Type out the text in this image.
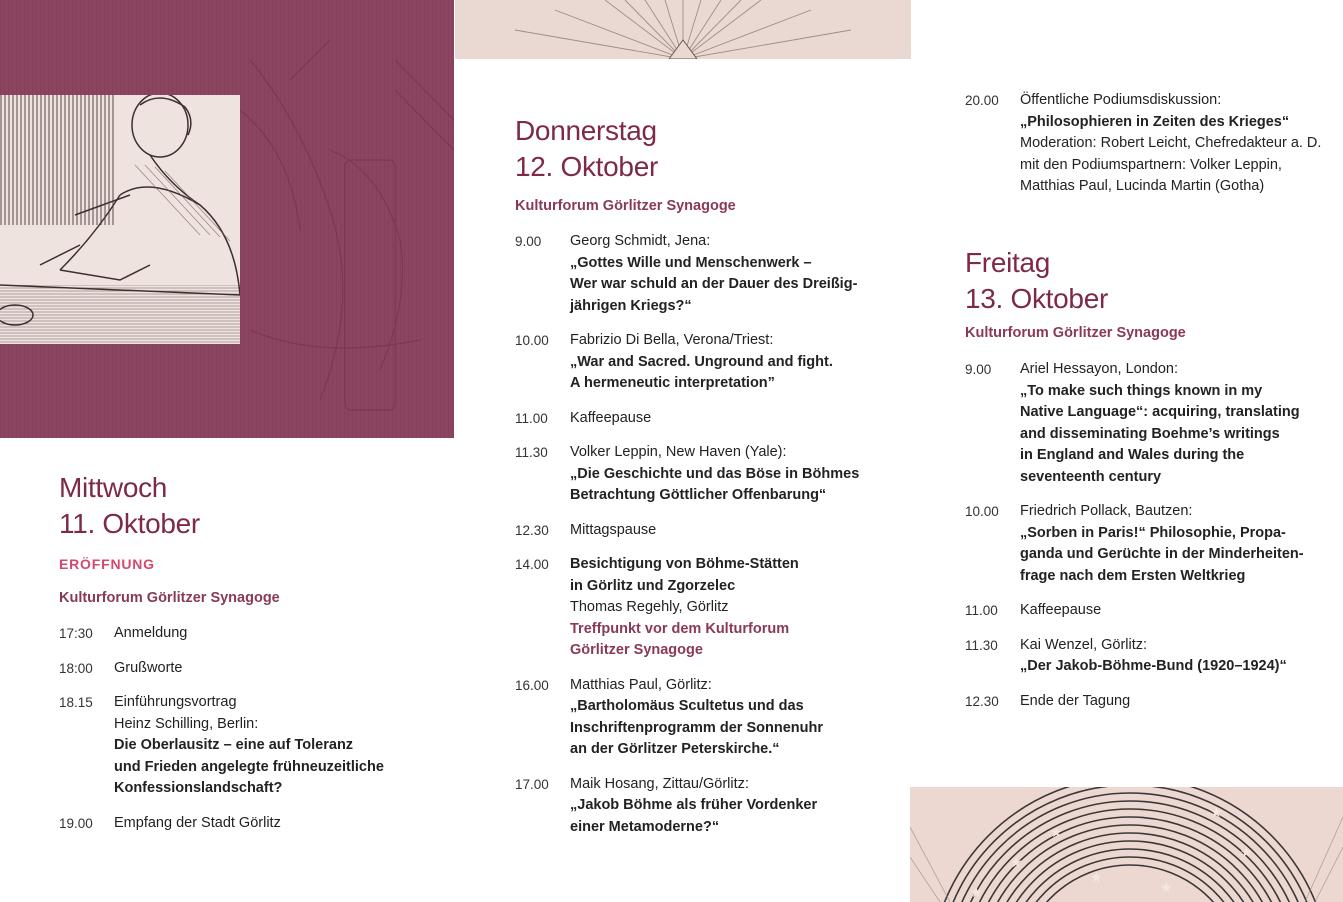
★
★
★
★
★
★
★
Mittwoch
11. Oktober
ERÖFFNUNG
Kulturforum Görlitzer Synagoge
17:30	Anmeldung
18:00	Grußworte
18.15	Einführungsvortrag
Heinz Schilling, Berlin:
Die Oberlausitz – eine auf Toleranz
und Frieden angelegte frühneuzeitliche
Konfessionslandschaft?
19.00	Empfang der Stadt Görlitz
Donnerstag
12. Oktober
Kulturforum Görlitzer Synagoge
9.00	Georg Schmidt, Jena:
„Gottes Wille und Menschenwerk –
Wer war schuld an der Dauer des Dreißig-
jährigen Kriegs?“
10.00	Fabrizio Di Bella, Verona/Triest:
„War and Sacred. Unground and fight.
A hermeneutic interpretation”
11.00	Kaffeepause
11.30	Volker Leppin, New Haven (Yale):
„Die Geschichte und das Böse in Böhmes
Betrachtung Göttlicher Offenbarung“
12.30	Mittagspause
14.00	Besichtigung von Böhme-Stätten
in Görlitz und Zgorzelec
Thomas Regehly, Görlitz
Treffpunkt vor dem Kulturforum
Görlitzer Synagoge
16.00	Matthias Paul, Görlitz:
„Bartholomäus Scultetus und das
Inschriftenprogramm der Sonnenuhr
an der Görlitzer Peterskirche.“
17.00	Maik Hosang, Zittau/Görlitz:
„Jakob Böhme als früher Vordenker
einer Metamoderne?“
20.00	Öffentliche Podiumsdiskussion:
„Philosophieren in Zeiten des Krieges“
Moderation: Robert Leicht, Chefredakteur a. D.
mit den Podiumspartnern: Volker Leppin,
Matthias Paul, Lucinda Martin (Gotha)
Freitag
13. Oktober
Kulturforum Görlitzer Synagoge
9.00	Ariel Hessayon, London:
„To make such things known in my
Native Language“: acquiring, translating
and disseminating Boehme’s writings
in England and Wales during the
seventeenth century
10.00	Friedrich Pollack, Bautzen:
„Sorben in Paris!“ Philosophie, Propa-
ganda und Gerüchte in der Minderheiten-
frage nach dem Ersten Weltkrieg
11.00	Kaffeepause
11.30	Kai Wenzel, Görlitz:
„Der Jakob-Böhme-Bund (1920–1924)“
12.30	Ende der Tagung
